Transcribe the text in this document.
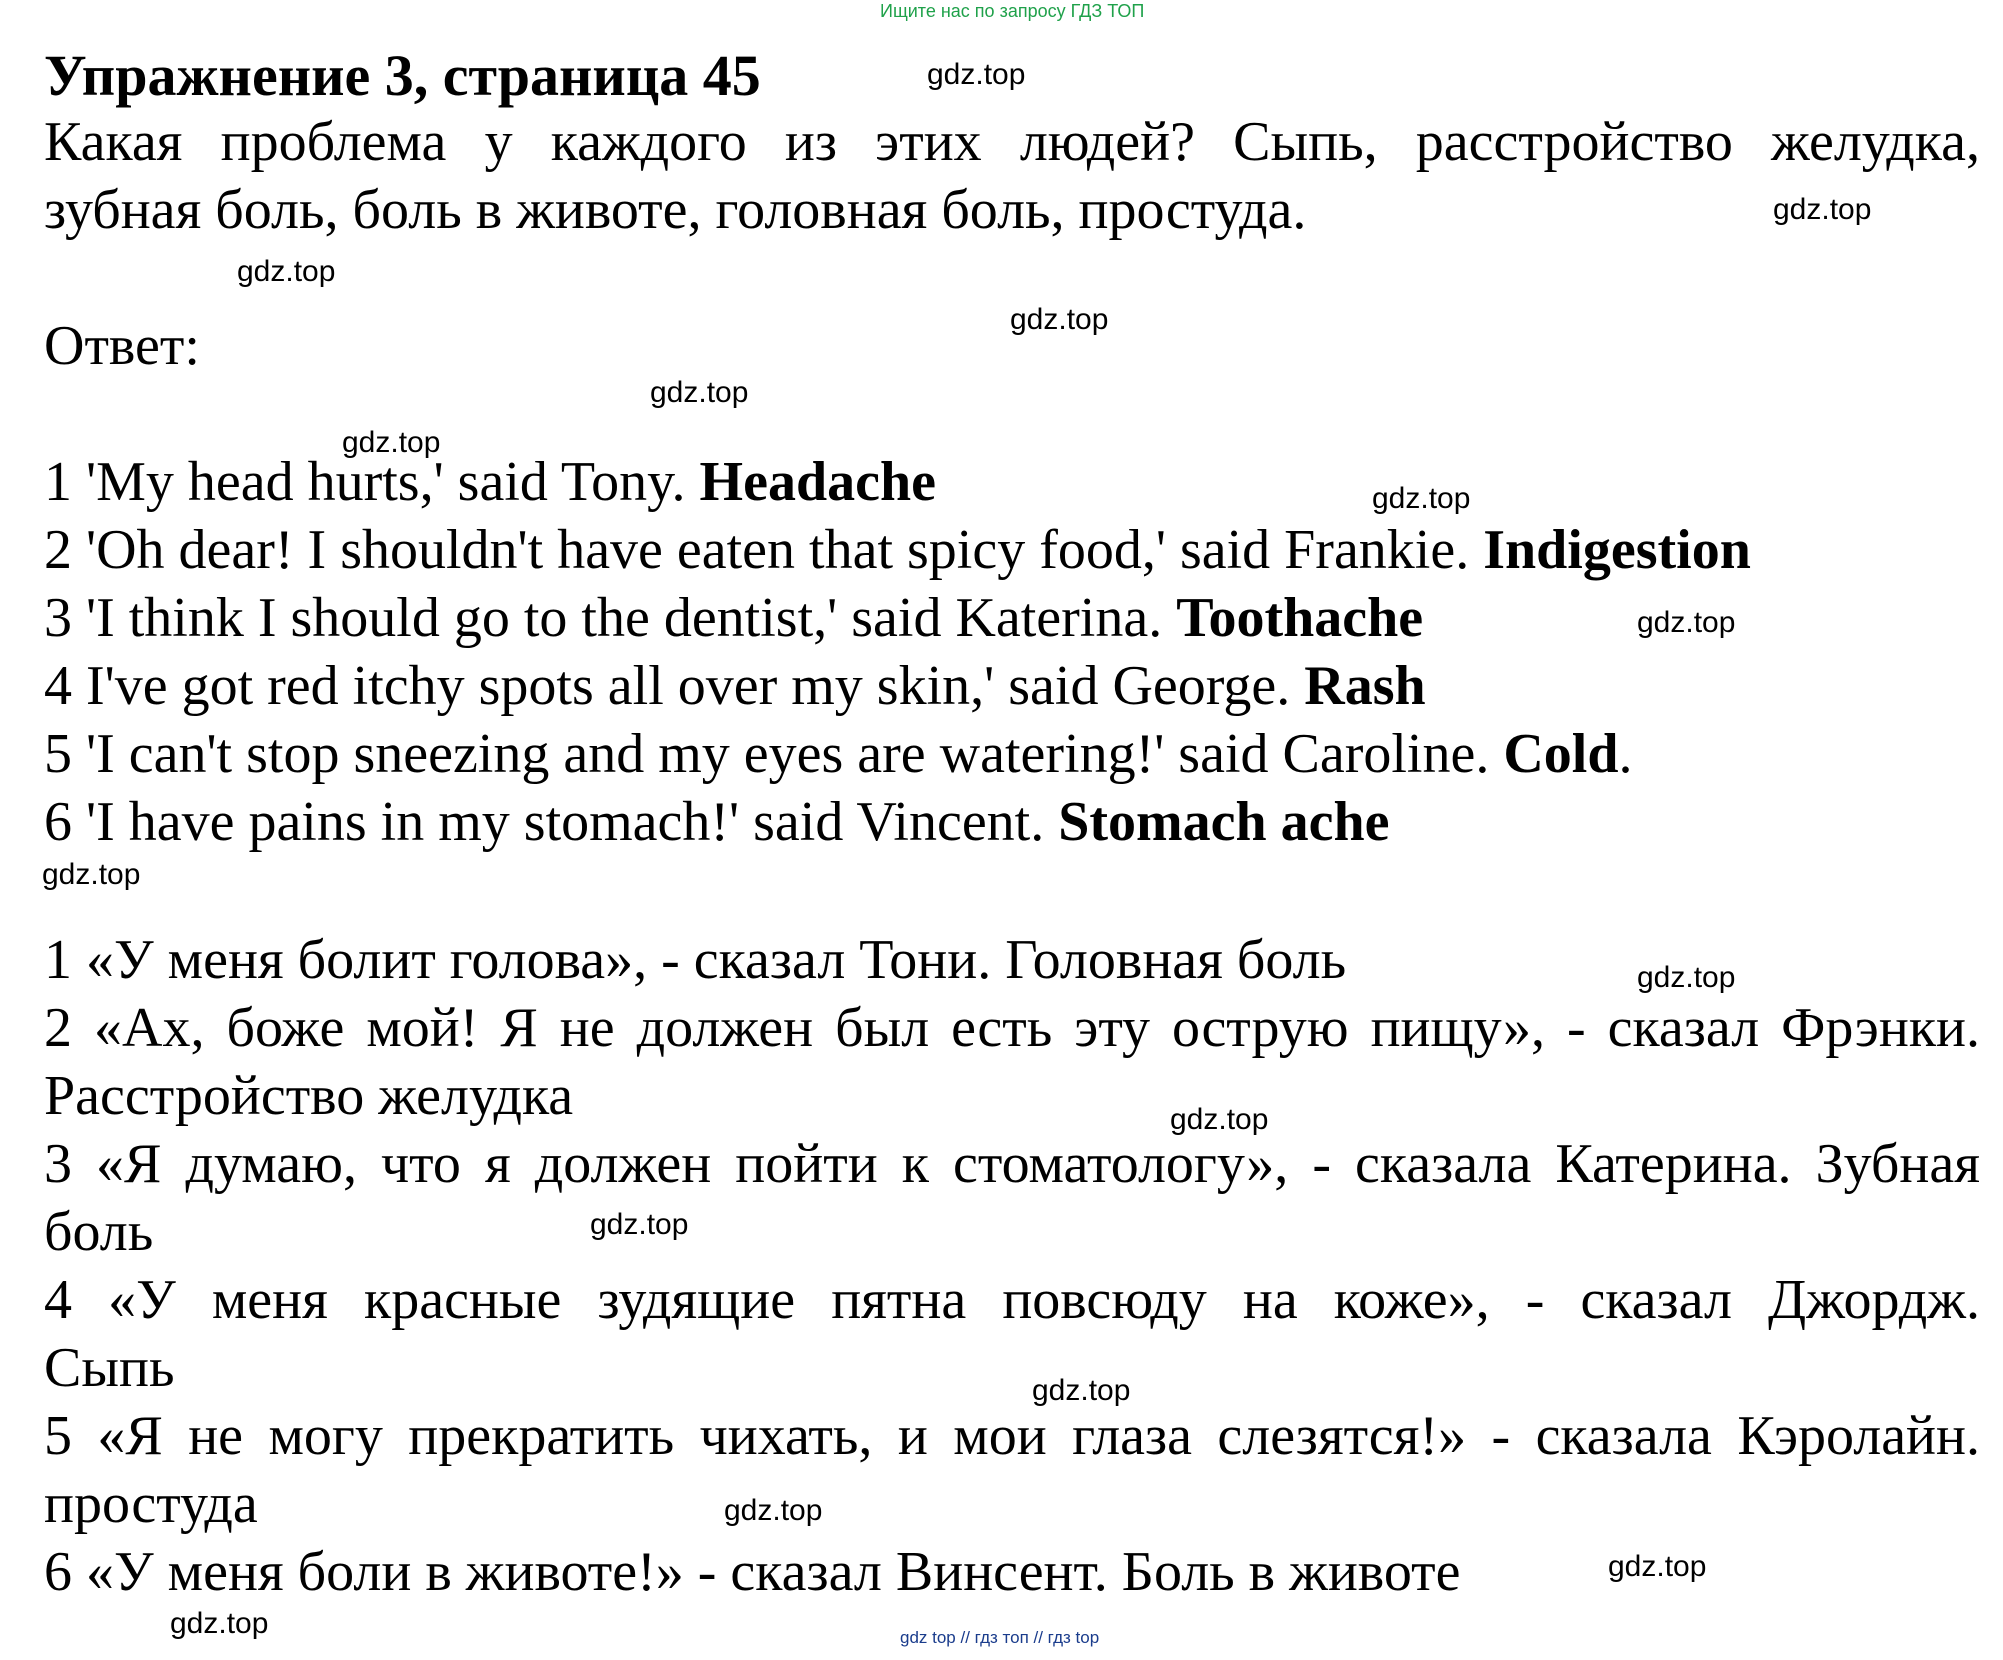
Ищите нас по запросу ГДЗ ТОП
Упражнение 3, страница 45
Какая проблема у каждого из этих людей? Сыпь, расстройство желудка,
зубная боль, боль в животе, головная боль, простуда.
Ответ:
1 'My head hurts,' said Tony. Headache
2 'Oh dear! I shouldn't have eaten that spicy food,' said Frankie. Indigestion
3 'I think I should go to the dentist,' said Katerina. Toothache
4 I've got red itchy spots all over my skin,' said George. Rash
5 'I can't stop sneezing and my eyes are watering!' said Caroline. Cold.
6 'I have pains in my stomach!' said Vincent. Stomach ache
1 «У меня болит голова», - сказал Тони. Головная боль
2 «Ах, боже мой! Я не должен был есть эту острую пищу», - сказал Фрэнки.
Расстройство желудка
3 «Я думаю, что я должен пойти к стоматологу», - сказала Катерина. Зубная
боль
4 «У меня красные зудящие пятна повсюду на коже», - сказал Джордж.
Сыпь
5 «Я не могу прекратить чихать, и мои глаза слезятся!» - сказала Кэролайн.
простуда
6 «У меня боли в животе!» - сказал Винсент. Боль в животе
gdz.top
gdz.top
gdz.top
gdz.top
gdz.top
gdz.top
gdz.top
gdz.top
gdz.top
gdz.top
gdz.top
gdz.top
gdz.top
gdz.top
gdz.top
gdz.top	gdz top // гдз топ // гдз top
